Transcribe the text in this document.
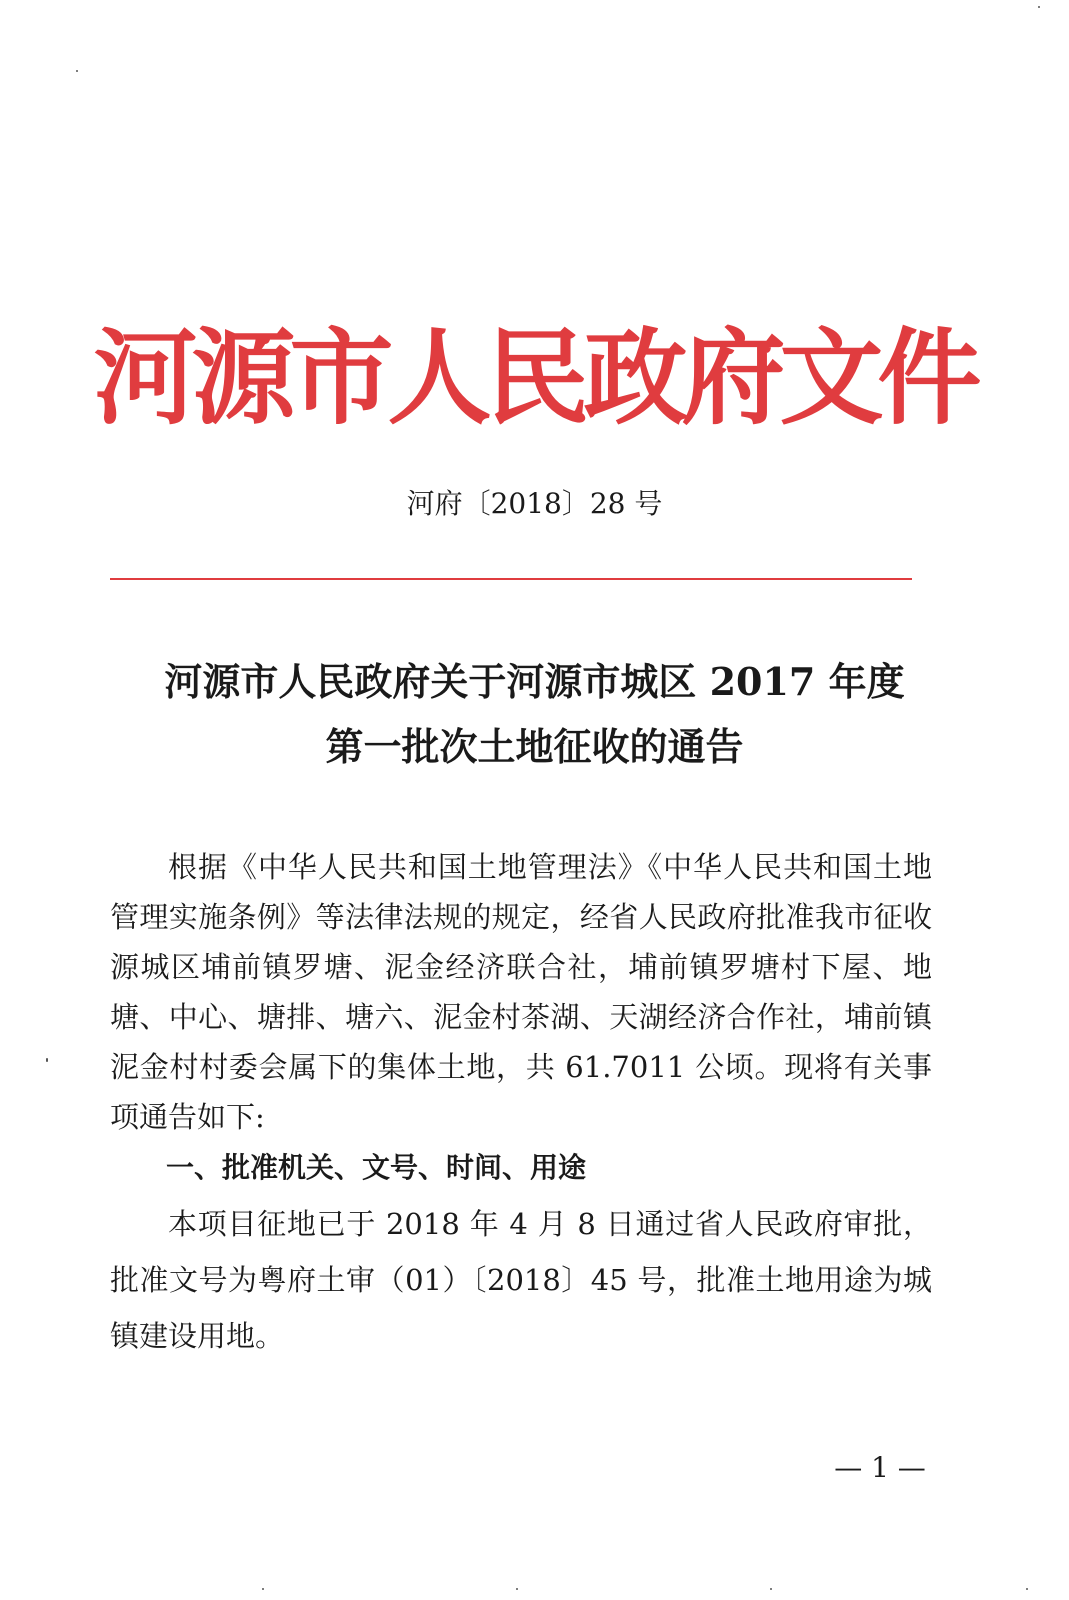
河源市人民政府文件
河府〔2018〕28 号
河源市人民政府关于河源市城区 2017 年度
第一批次土地征收的通告
根据《中华人民共和国土地管理法》《中华人民共和国土地管理实施条例》等法律法规的规定，经省人民政府批准我市征收源城区埔前镇罗塘、泥金经济联合社，埔前镇罗塘村下屋、地塘、中心、塘排、塘六、泥金村茶湖、天湖经济合作社，埔前镇泥金村村委会属下的集体土地，共 61.7011 公顷。现将有关事项通告如下:
一、批准机关、文号、时间、用途
本项目征地已于 2018 年 4 月 8 日通过省人民政府审批，批准文号为粤府土审（01）〔2018〕45 号，批准土地用途为城镇建设用地。
— 1 —
